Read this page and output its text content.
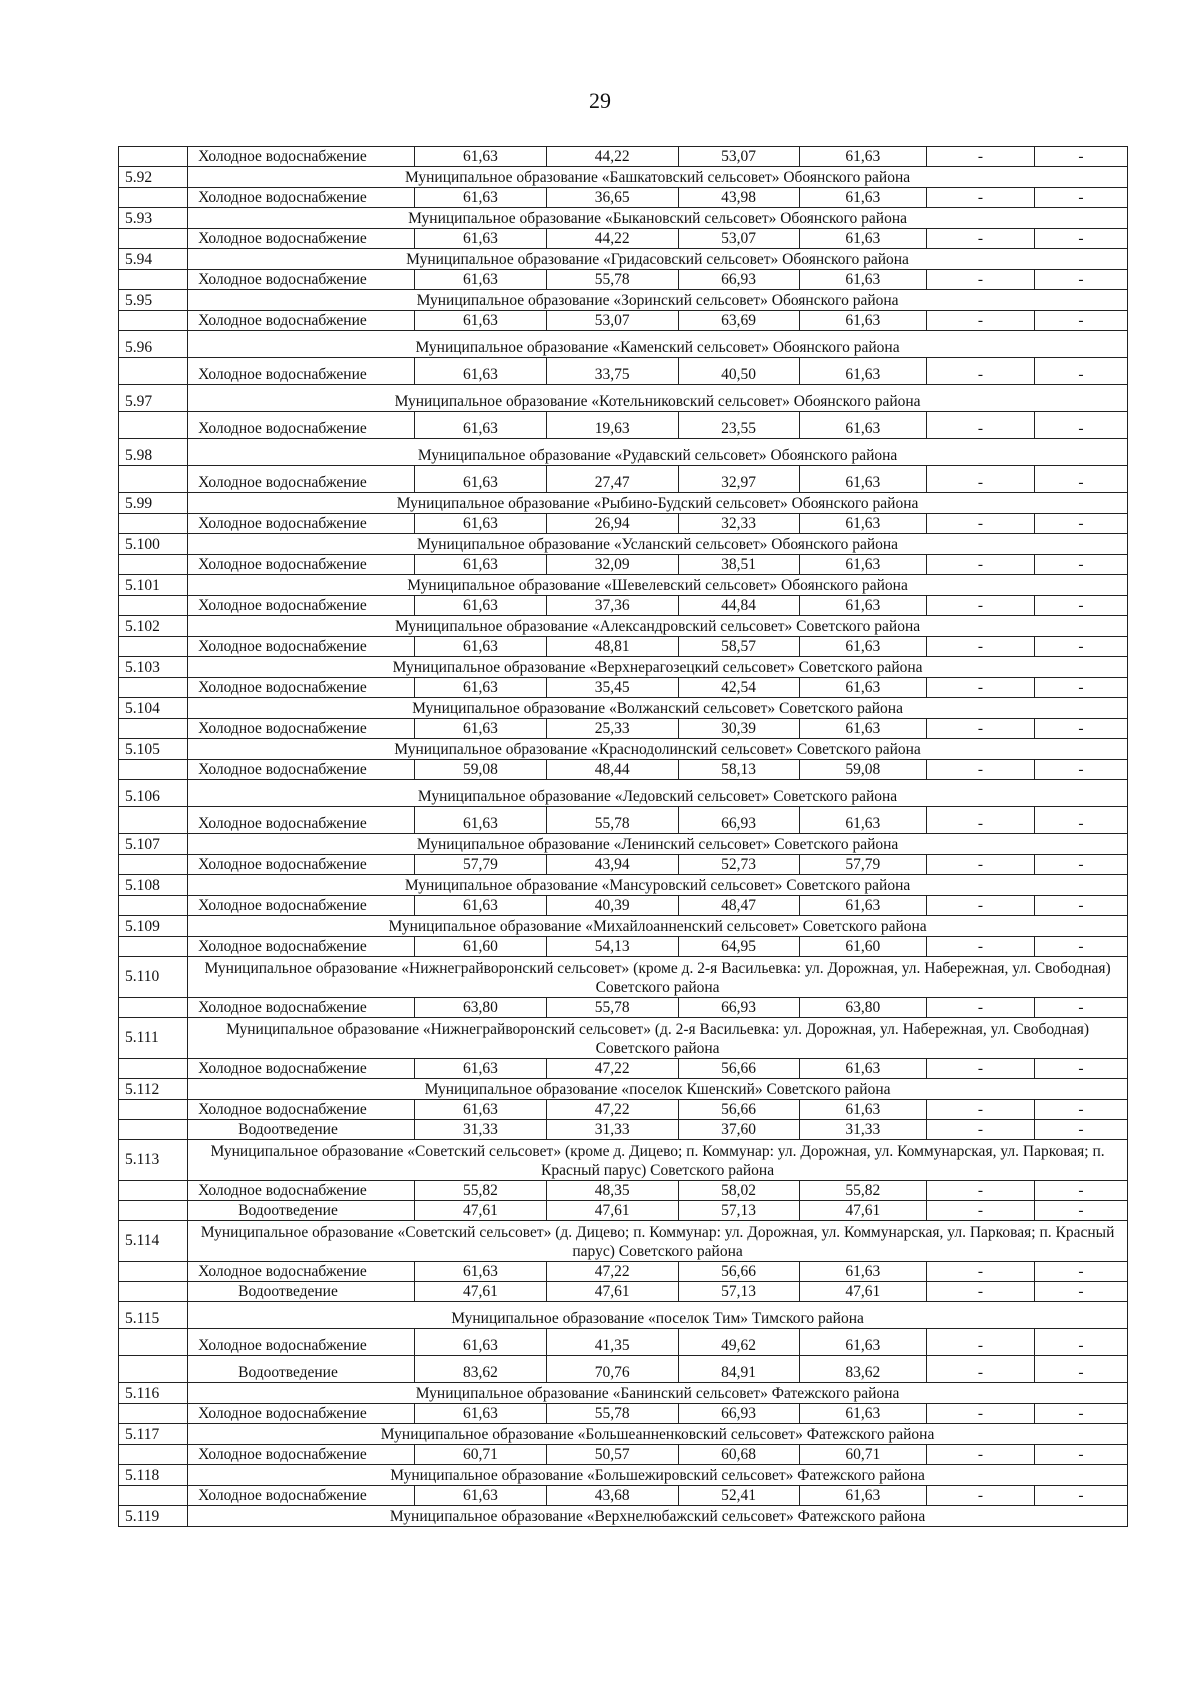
29
	Холодное водоснабжение	61,63	44,22	53,07	61,63	-	-
5.92	Муниципальное образование «Башкатовский сельсовет» Обоянского района						
	Холодное водоснабжение	61,63	36,65	43,98	61,63	-	-
5.93	Муниципальное образование «Быкановский сельсовет» Обоянского района						
	Холодное водоснабжение	61,63	44,22	53,07	61,63	-	-
5.94	Муниципальное образование «Гридасовский сельсовет» Обоянского района						
	Холодное водоснабжение	61,63	55,78	66,93	61,63	-	-
5.95	Муниципальное образование «Зоринский сельсовет» Обоянского района						
	Холодное водоснабжение	61,63	53,07	63,69	61,63	-	-
5.96	Муниципальное образование «Каменский сельсовет» Обоянского района						
	Холодное водоснабжение	61,63	33,75	40,50	61,63	-	-
5.97	Муниципальное образование «Котельниковский сельсовет» Обоянского района						
	Холодное водоснабжение	61,63	19,63	23,55	61,63	-	-
5.98	Муниципальное образование «Рудавский сельсовет» Обоянского района						
	Холодное водоснабжение	61,63	27,47	32,97	61,63	-	-
5.99	Муниципальное образование «Рыбино-Будский сельсовет» Обоянского района						
	Холодное водоснабжение	61,63	26,94	32,33	61,63	-	-
5.100	Муниципальное образование «Усланский сельсовет» Обоянского района						
	Холодное водоснабжение	61,63	32,09	38,51	61,63	-	-
5.101	Муниципальное образование «Шевелевский сельсовет» Обоянского района						
	Холодное водоснабжение	61,63	37,36	44,84	61,63	-	-
5.102	Муниципальное образование «Александровский сельсовет» Советского района						
	Холодное водоснабжение	61,63	48,81	58,57	61,63	-	-
5.103	Муниципальное образование «Верхнерагозецкий сельсовет» Советского района						
	Холодное водоснабжение	61,63	35,45	42,54	61,63	-	-
5.104	Муниципальное образование «Волжанский сельсовет» Советского района						
	Холодное водоснабжение	61,63	25,33	30,39	61,63	-	-
5.105	Муниципальное образование «Краснодолинский сельсовет» Советского района						
	Холодное водоснабжение	59,08	48,44	58,13	59,08	-	-
5.106	Муниципальное образование «Ледовский сельсовет» Советского района						
	Холодное водоснабжение	61,63	55,78	66,93	61,63	-	-
5.107	Муниципальное образование «Ленинский сельсовет» Советского района						
	Холодное водоснабжение	57,79	43,94	52,73	57,79	-	-
5.108	Муниципальное образование «Мансуровский сельсовет» Советского района						
	Холодное водоснабжение	61,63	40,39	48,47	61,63	-	-
5.109	Муниципальное образование «Михайлоанненский сельсовет» Советского района						
	Холодное водоснабжение	61,60	54,13	64,95	61,60	-	-
5.110	Муниципальное образование «Нижнеграйворонский сельсовет» (кроме д. 2-я Васильевка: ул. Дорожная, ул. Набережная, ул. Свободная) Советского района						
	Холодное водоснабжение	63,80	55,78	66,93	63,80	-	-
5.111	Муниципальное образование «Нижнеграйворонский сельсовет» (д. 2-я Васильевка: ул. Дорожная, ул. Набережная, ул. Свободная) Советского района						
	Холодное водоснабжение	61,63	47,22	56,66	61,63	-	-
5.112	Муниципальное образование «поселок Кшенский» Советского района						
	Холодное водоснабжение	61,63	47,22	56,66	61,63	-	-
	Водоотведение	31,33	31,33	37,60	31,33	-	-
5.113	Муниципальное образование «Советский сельсовет» (кроме д. Дицево; п. Коммунар: ул. Дорожная, ул. Коммунарская, ул. Парковая; п. Красный парус) Советского района						
	Холодное водоснабжение	55,82	48,35	58,02	55,82	-	-
	Водоотведение	47,61	47,61	57,13	47,61	-	-
5.114	Муниципальное образование «Советский сельсовет» (д. Дицево; п. Коммунар: ул. Дорожная, ул. Коммунарская, ул. Парковая; п. Красный парус) Советского района						
	Холодное водоснабжение	61,63	47,22	56,66	61,63	-	-
	Водоотведение	47,61	47,61	57,13	47,61	-	-
5.115	Муниципальное образование «поселок Тим» Тимского района						
	Холодное водоснабжение	61,63	41,35	49,62	61,63	-	-
	Водоотведение	83,62	70,76	84,91	83,62	-	-
5.116	Муниципальное образование «Банинский сельсовет» Фатежского района						
	Холодное водоснабжение	61,63	55,78	66,93	61,63	-	-
5.117	Муниципальное образование «Большеанненковский сельсовет» Фатежского района						
	Холодное водоснабжение	60,71	50,57	60,68	60,71	-	-
5.118	Муниципальное образование «Большежировский сельсовет» Фатежского района						
	Холодное водоснабжение	61,63	43,68	52,41	61,63	-	-
5.119	Муниципальное образование «Верхнелюбажский сельсовет» Фатежского района						
